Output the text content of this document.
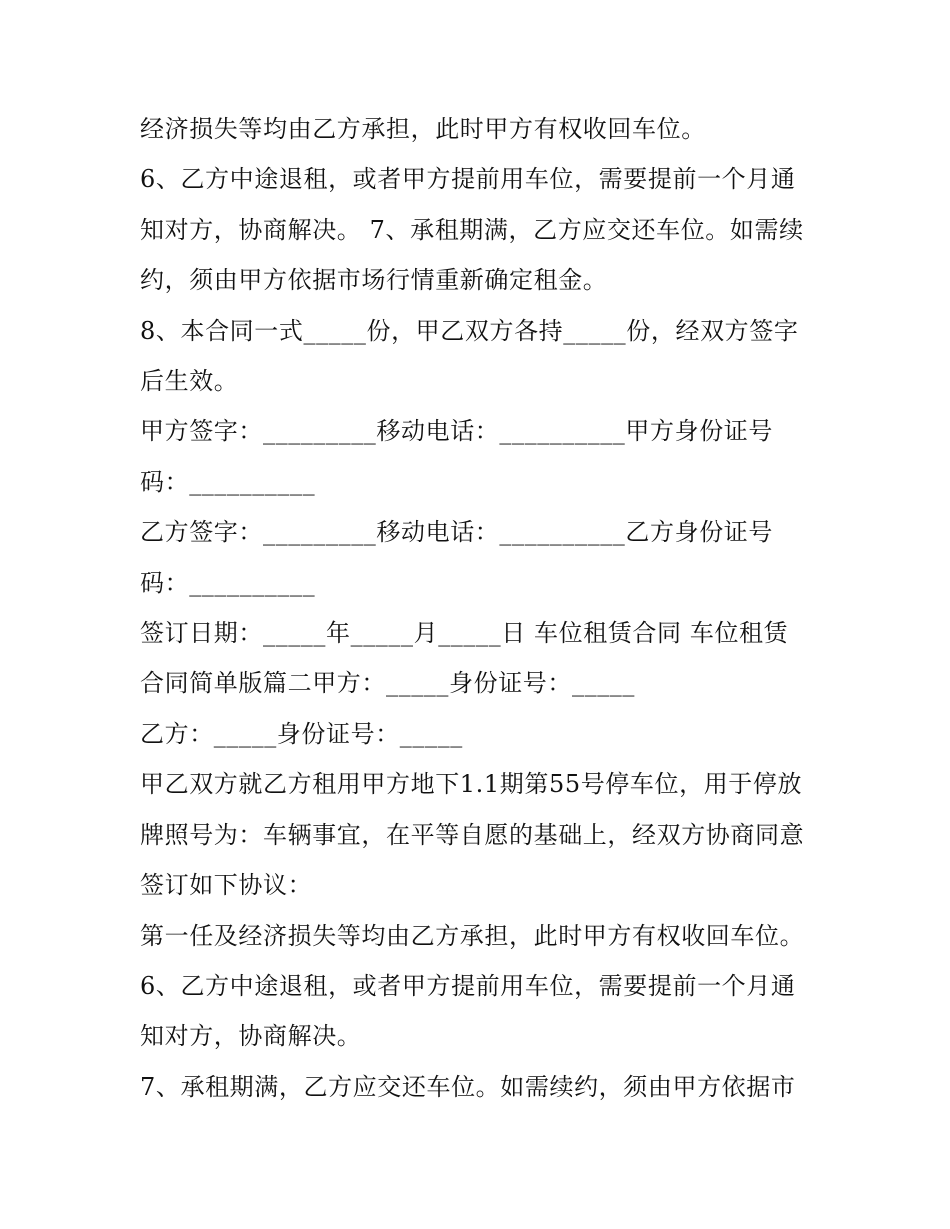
经济损失等均由乙方承担，此时甲方有权收回车位。
6、乙方中途退租，或者甲方提前用车位，需要提前一个月通
知对方，协商解决。 7、承租期满，乙方应交还车位。如需续
约，须由甲方依据市场行情重新确定租金。
8、本合同一式_____份，甲乙双方各持_____份，经双方签字
后生效。
甲方签字：_________移动电话：__________甲方身份证号
码：__________
乙方签字：_________移动电话：__________乙方身份证号
码：__________
签订日期：_____年_____月_____日 车位租赁合同 车位租赁
合同简单版篇二甲方：_____身份证号：_____
乙方：_____身份证号：_____
甲乙双方就乙方租用甲方地下1.1期第55号停车位，用于停放
牌照号为：车辆事宜，在平等自愿的基础上，经双方协商同意
签订如下协议：
第一任及经济损失等均由乙方承担，此时甲方有权收回车位。
6、乙方中途退租，或者甲方提前用车位，需要提前一个月通
知对方，协商解决。
7、承租期满，乙方应交还车位。如需续约，须由甲方依据市
